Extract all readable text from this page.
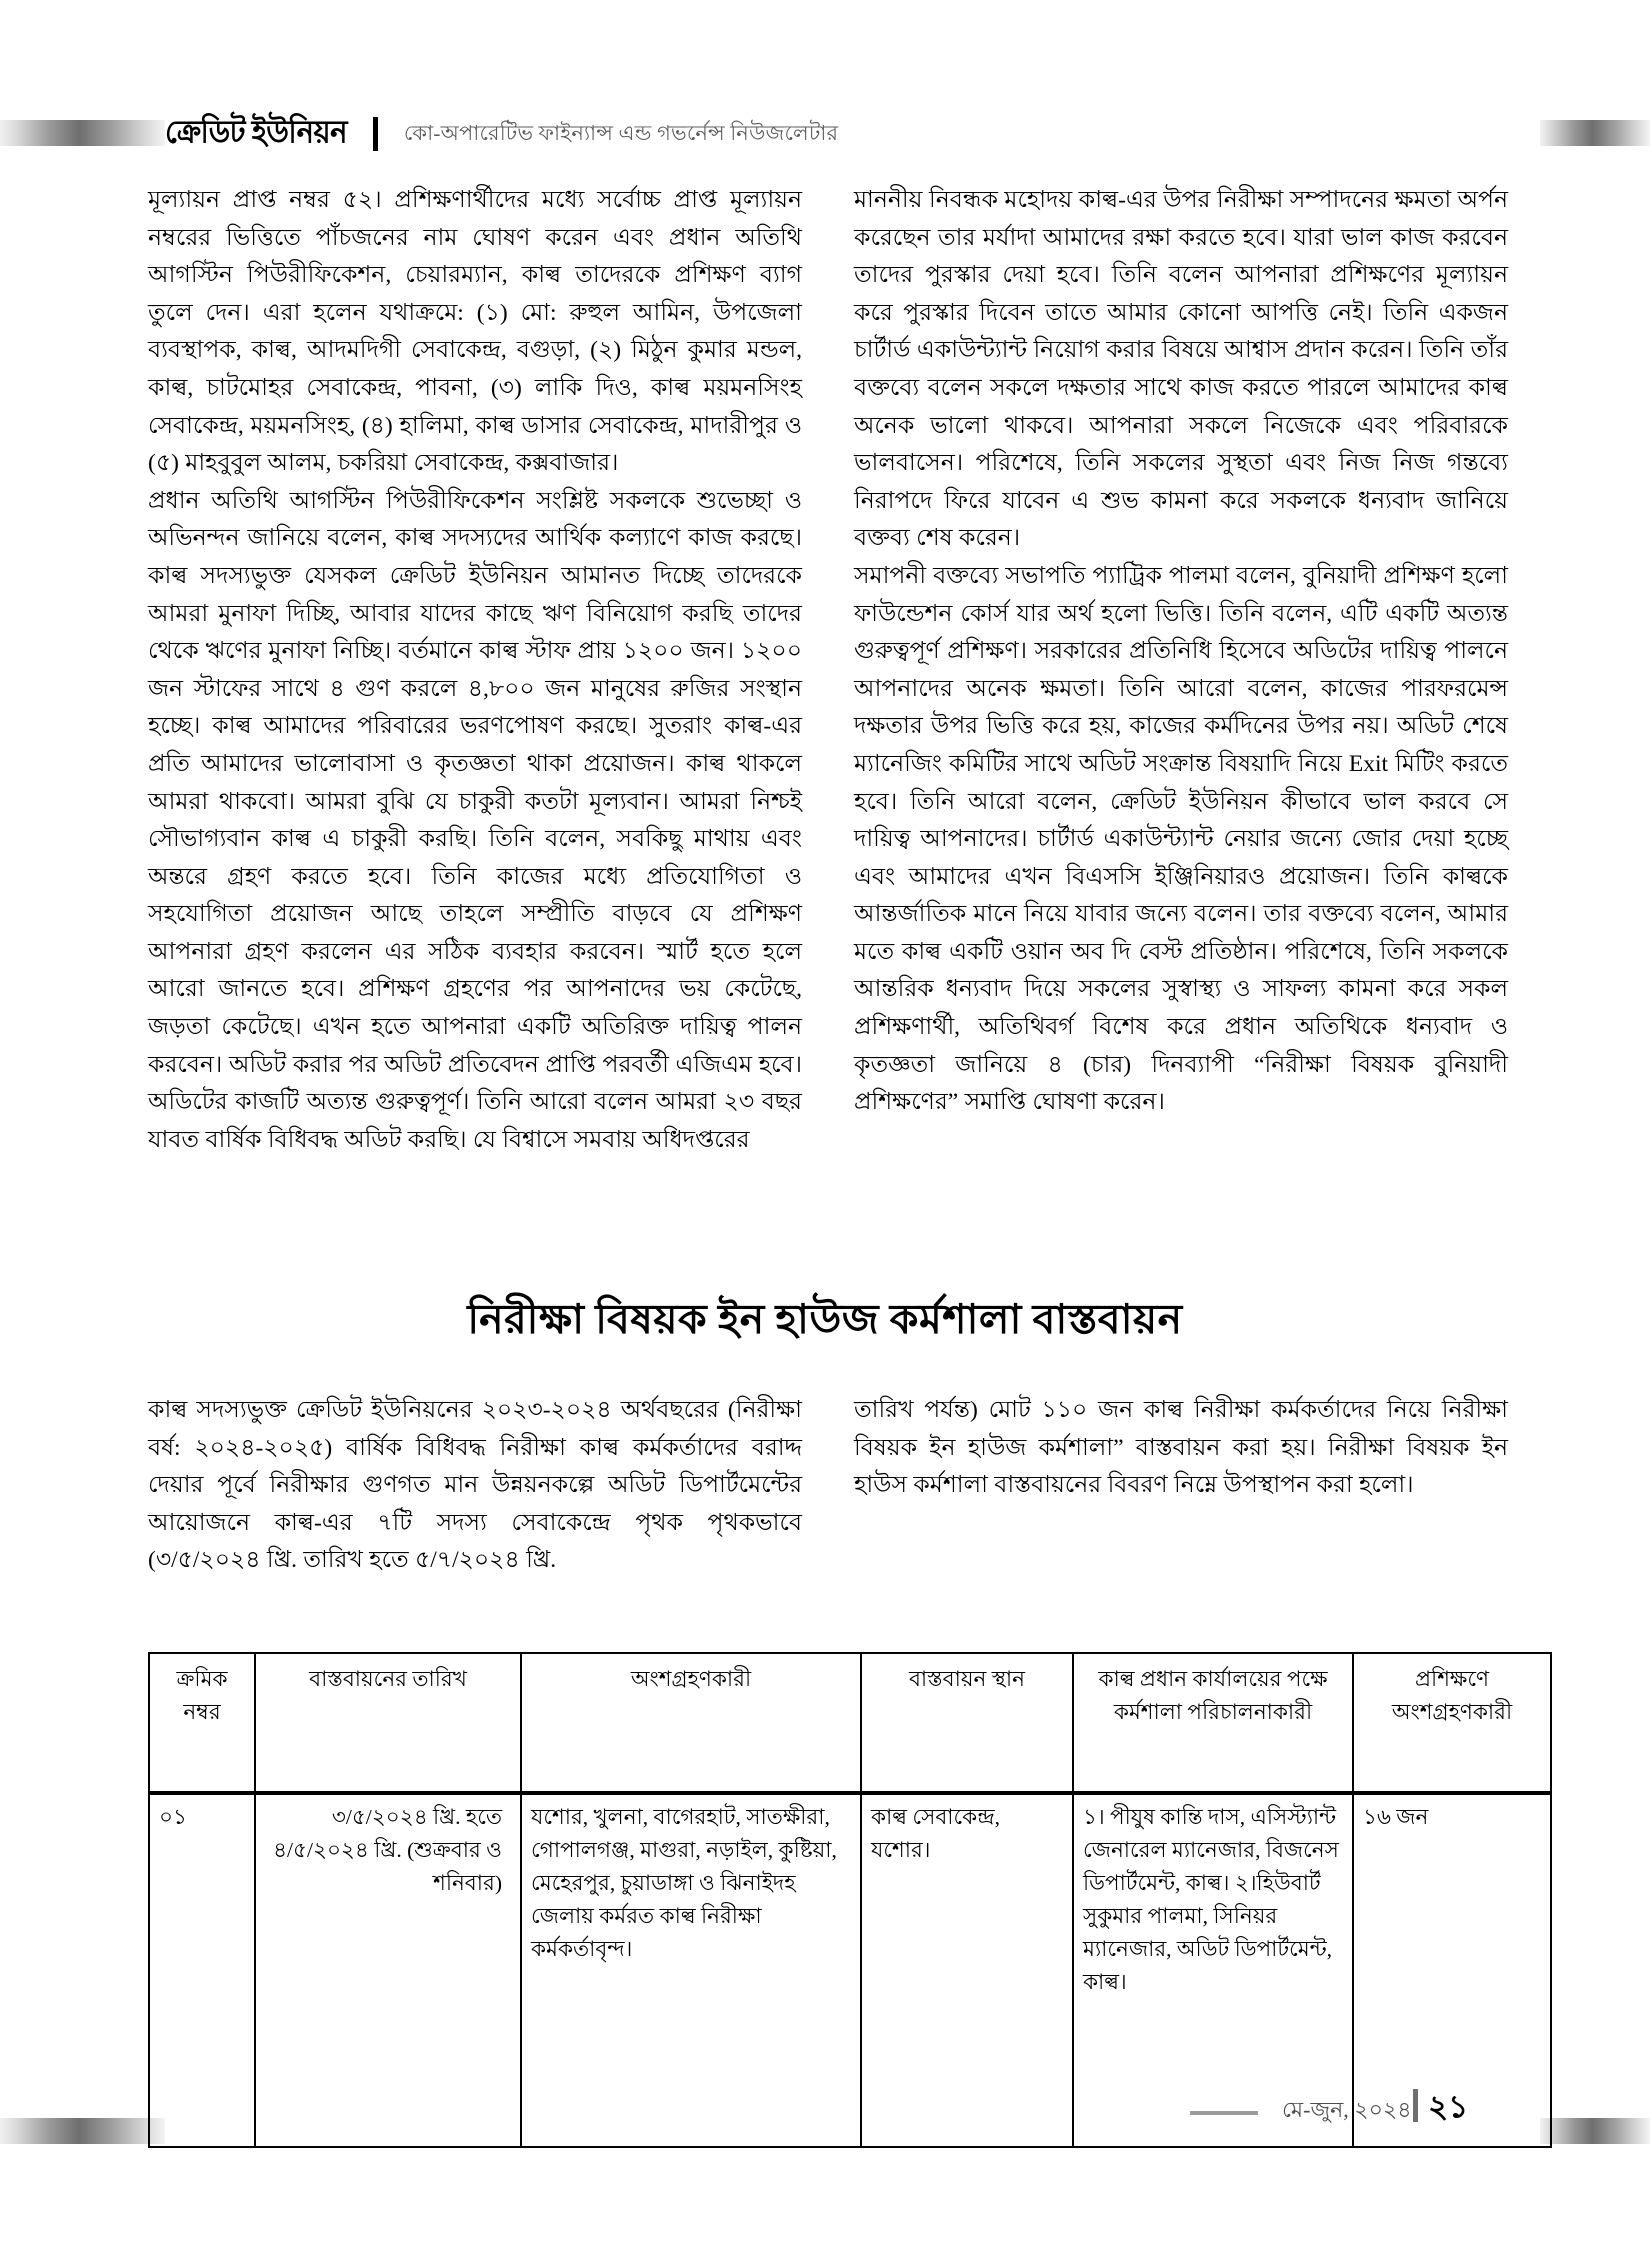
ক্রেডিট ইউনিয়ন	কো-অপারেটিভ ফাইন্যান্স এন্ড গভর্নেন্স নিউজলেটার

মূল্যায়ন প্রাপ্ত নম্বর ৫২। প্রশিক্ষণার্থীদের মধ্যে সর্বোচ্চ প্রাপ্ত মূল্যায়ন নম্বরের ভিত্তিতে পাঁচজনের নাম ঘোষণ করেন এবং প্রধান অতিথি আগস্টিন পিউরীফিকেশন, চেয়ারম্যান, কাল্ব তাদেরকে প্রশিক্ষণ ব্যাগ তুলে দেন। এরা হলেন যথাক্রমে: (১) মো: রুহুল আমিন, উপজেলা ব্যবস্থাপক, কাল্ব, আদমদিগী সেবাকেন্দ্র, বগুড়া, (২) মিঠুন কুমার মন্ডল, কাল্ব, চাটমোহর সেবাকেন্দ্র, পাবনা, (৩) লাকি দিও, কাল্ব ময়মনসিংহ সেবাকেন্দ্র, ময়মনসিংহ, (৪) হালিমা, কাল্ব ডাসার সেবাকেন্দ্র, মাদারীপুর ও (৫) মাহবুবুল আলম, চকরিয়া সেবাকেন্দ্র, কক্সবাজার।

প্রধান অতিথি আগস্টিন পিউরীফিকেশন সংশ্লিষ্ট সকলকে শুভেচ্ছা ও অভিনন্দন জানিয়ে বলেন, কাল্ব সদস্যদের আর্থিক কল্যাণে কাজ করছে। কাল্ব সদস্যভুক্ত যেসকল ক্রেডিট ইউনিয়ন আমানত দিচ্ছে তাদেরকে আমরা মুনাফা দিচ্ছি, আবার যাদের কাছে ঋণ বিনিয়োগ করছি তাদের থেকে ঋণের মুনাফা নিচ্ছি। বর্তমানে কাল্ব স্টাফ প্রায় ১২০০ জন। ১২০০ জন স্টাফের সাথে ৪ গুণ করলে ৪,৮০০ জন মানুষের রুজির সংস্থান হচ্ছে। কাল্ব আমাদের পরিবারের ভরণপোষণ করছে। সুতরাং কাল্ব-এর প্রতি আমাদের ভালোবাসা ও কৃতজ্ঞতা থাকা প্রয়োজন। কাল্ব থাকলে আমরা থাকবো। আমরা বুঝি যে চাকুরী কতটা মূল্যবান। আমরা নিশ্চই সৌভাগ্যবান কাল্ব এ চাকুরী করছি। তিনি বলেন, সবকিছু মাথায় এবং অন্তরে গ্রহণ করতে হবে। তিনি কাজের মধ্যে প্রতিযোগিতা ও সহযোগিতা প্রয়োজন আছে তাহলে সম্প্রীতি বাড়বে যে প্রশিক্ষণ আপনারা গ্রহণ করলেন এর সঠিক ব্যবহার করবেন। স্মার্ট হতে হলে আরো জানতে হবে। প্রশিক্ষণ গ্রহণের পর আপনাদের ভয় কেটেছে, জড়তা কেটেছে। এখন হতে আপনারা একটি অতিরিক্ত দায়িত্ব পালন করবেন। অডিট করার পর অডিট প্রতিবেদন প্রাপ্তি পরবর্তী এজিএম হবে। অডিটের কাজটি অত্যন্ত গুরুত্বপূর্ণ। তিনি আরো বলেন আমরা ২৩ বছর যাবত বার্ষিক বিধিবদ্ধ অডিট করছি। যে বিশ্বাসে সমবায় অধিদপ্তরের

মাননীয় নিবন্ধক মহোদয় কাল্ব-এর উপর নিরীক্ষা সম্পাদনের ক্ষমতা অর্পন করেছেন তার মর্যাদা আমাদের রক্ষা করতে হবে। যারা ভাল কাজ করবেন তাদের পুরস্কার দেয়া হবে। তিনি বলেন আপনারা প্রশিক্ষণের মূল্যায়ন করে পুরস্কার দিবেন তাতে আমার কোনো আপত্তি নেই। তিনি একজন চার্টার্ড একাউন্ট্যান্ট নিয়োগ করার বিষয়ে আশ্বাস প্রদান করেন। তিনি তাঁর বক্তব্যে বলেন সকলে দক্ষতার সাথে কাজ করতে পারলে আমাদের কাল্ব অনেক ভালো থাকবে। আপনারা সকলে নিজেকে এবং পরিবারকে ভালবাসেন। পরিশেষে, তিনি সকলের সুস্থতা এবং নিজ নিজ গন্তব্যে নিরাপদে ফিরে যাবেন এ শুভ কামনা করে সকলকে ধন্যবাদ জানিয়ে বক্তব্য শেষ করেন।

সমাপনী বক্তব্যে সভাপতি প্যাট্রিক পালমা বলেন, বুনিয়াদী প্রশিক্ষণ হলো ফাউন্ডেশন কোর্স যার অর্থ হলো ভিত্তি। তিনি বলেন, এটি একটি অত্যন্ত গুরুত্বপূর্ণ প্রশিক্ষণ। সরকারের প্রতিনিধি হিসেবে অডিটের দায়িত্ব পালনে আপনাদের অনেক ক্ষমতা। তিনি আরো বলেন, কাজের পারফরমেন্স দক্ষতার উপর ভিত্তি করে হয়, কাজের কর্মদিনের উপর নয়। অডিট শেষে ম্যানেজিং কমিটির সাথে অডিট সংক্রান্ত বিষয়াদি নিয়ে Exit মিটিং করতে হবে। তিনি আরো বলেন, ক্রেডিট ইউনিয়ন কীভাবে ভাল করবে সে দায়িত্ব আপনাদের। চার্টার্ড একাউন্ট্যান্ট নেয়ার জন্যে জোর দেয়া হচ্ছে এবং আমাদের এখন বিএসসি ইঞ্জিনিয়ারও প্রয়োজন। তিনি কাল্বকে আন্তর্জাতিক মানে নিয়ে যাবার জন্যে বলেন। তার বক্তব্যে বলেন, আমার মতে কাল্ব একটি ওয়ান অব দি বেস্ট প্রতিষ্ঠান। পরিশেষে, তিনি সকলকে আন্তরিক ধন্যবাদ দিয়ে সকলের সুস্বাস্থ্য ও সাফল্য কামনা করে সকল প্রশিক্ষণার্থী, অতিথিবর্গ বিশেষ করে প্রধান অতিথিকে ধন্যবাদ ও কৃতজ্ঞতা জানিয়ে ৪ (চার) দিনব্যাপী “নিরীক্ষা বিষয়ক বুনিয়াদী প্রশিক্ষণের” সমাপ্তি ঘোষণা করেন।

নিরীক্ষা বিষয়ক ইন হাউজ কর্মশালা বাস্তবায়ন

কাল্ব সদস্যভুক্ত ক্রেডিট ইউনিয়নের ২০২৩-২০২৪ অর্থবছরের (নিরীক্ষা বর্ষ: ২০২৪-২০২৫) বার্ষিক বিধিবদ্ধ নিরীক্ষা কাল্ব কর্মকর্তাদের বরাদ্দ দেয়ার পূর্বে নিরীক্ষার গুণগত মান উন্নয়নকল্পে অডিট ডিপার্টমেন্টের আয়োজনে কাল্ব-এর ৭টি সদস্য সেবাকেন্দ্রে পৃথক পৃথকভাবে (৩/৫/২০২৪ খ্রি. তারিখ হতে ৫/৭/২০২৪ খ্রি.

তারিখ পর্যন্ত) মোট ১১০ জন কাল্ব নিরীক্ষা কর্মকর্তাদের নিয়ে নিরীক্ষা বিষয়ক ইন হাউজ কর্মশালা” বাস্তবায়ন করা হয়। নিরীক্ষা বিষয়ক ইন হাউস কর্মশালা বাস্তবায়নের বিবরণ নিম্নে উপস্থাপন করা হলো।

ক্রমিক নম্বর	বাস্তবায়নের তারিখ	অংশগ্রহণকারী	বাস্তবায়ন স্থান	কাল্ব প্রধান কার্যালয়ের পক্ষে কর্মশালা পরিচালনাকারী	প্রশিক্ষণে অংশগ্রহণকারী
০১	৩/৫/২০২৪ খ্রি. হতে ৪/৫/২০২৪ খ্রি. (শুক্রবার ও শনিবার)	যশোর, খুলনা, বাগেরহাট, সাতক্ষীরা, গোপালগঞ্জ, মাগুরা, নড়াইল, কুষ্টিয়া, মেহেরপুর, চুয়াডাঙ্গা ও ঝিনাইদহ জেলায় কর্মরত কাল্ব নিরীক্ষা কর্মকর্তাবৃন্দ।	কাল্ব সেবাকেন্দ্র, যশোর।	১। পীযুষ কান্তি দাস, এসিস্ট্যান্ট জেনারেল ম্যানেজার, বিজনেস ডিপার্টমেন্ট, কাল্ব। ২।হিউবার্ট সুকুমার পালমা, সিনিয়র ম্যানেজার, অডিট ডিপার্টমেন্ট, কাল্ব।	১৬ জন
মে-জুন, ২০২৪ ২১
